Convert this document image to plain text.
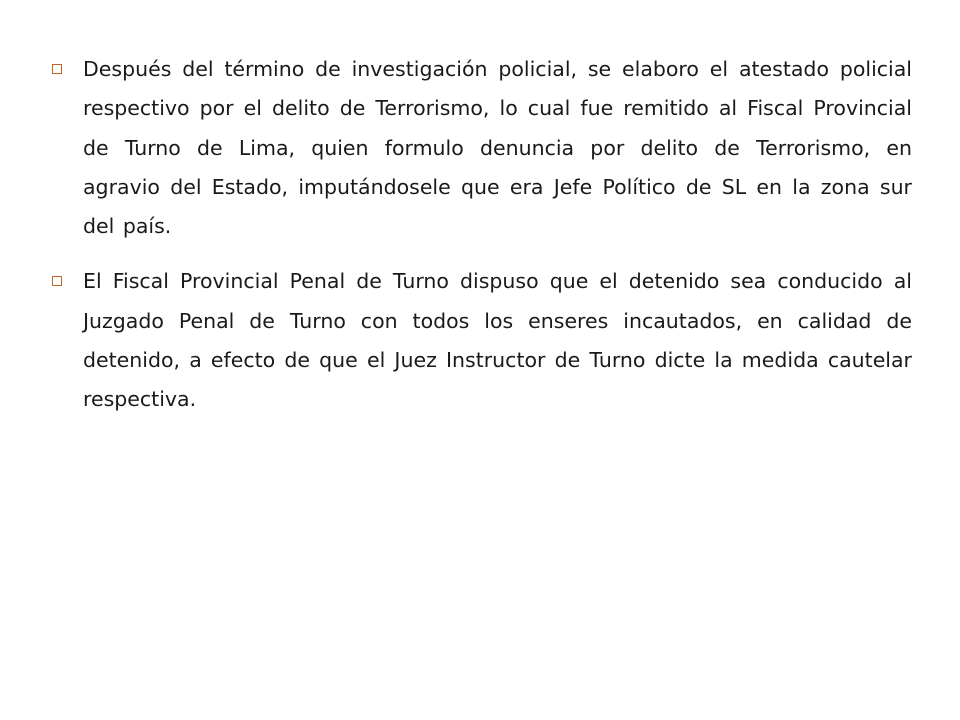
Después del término de investigación policial, se elaboro el atestado policial respectivo por el delito de Terrorismo, lo cual fue remitido al Fiscal Provincial de Turno de Lima, quien formulo denuncia por delito de Terrorismo, en agravio del Estado, imputándosele que era Jefe Político de SL en la zona sur del país.

El Fiscal Provincial Penal de Turno dispuso que el detenido sea conducido al Juzgado Penal de Turno con todos los enseres incautados, en calidad de detenido, a efecto de que el Juez Instructor de Turno dicte la medida cautelar respectiva.
